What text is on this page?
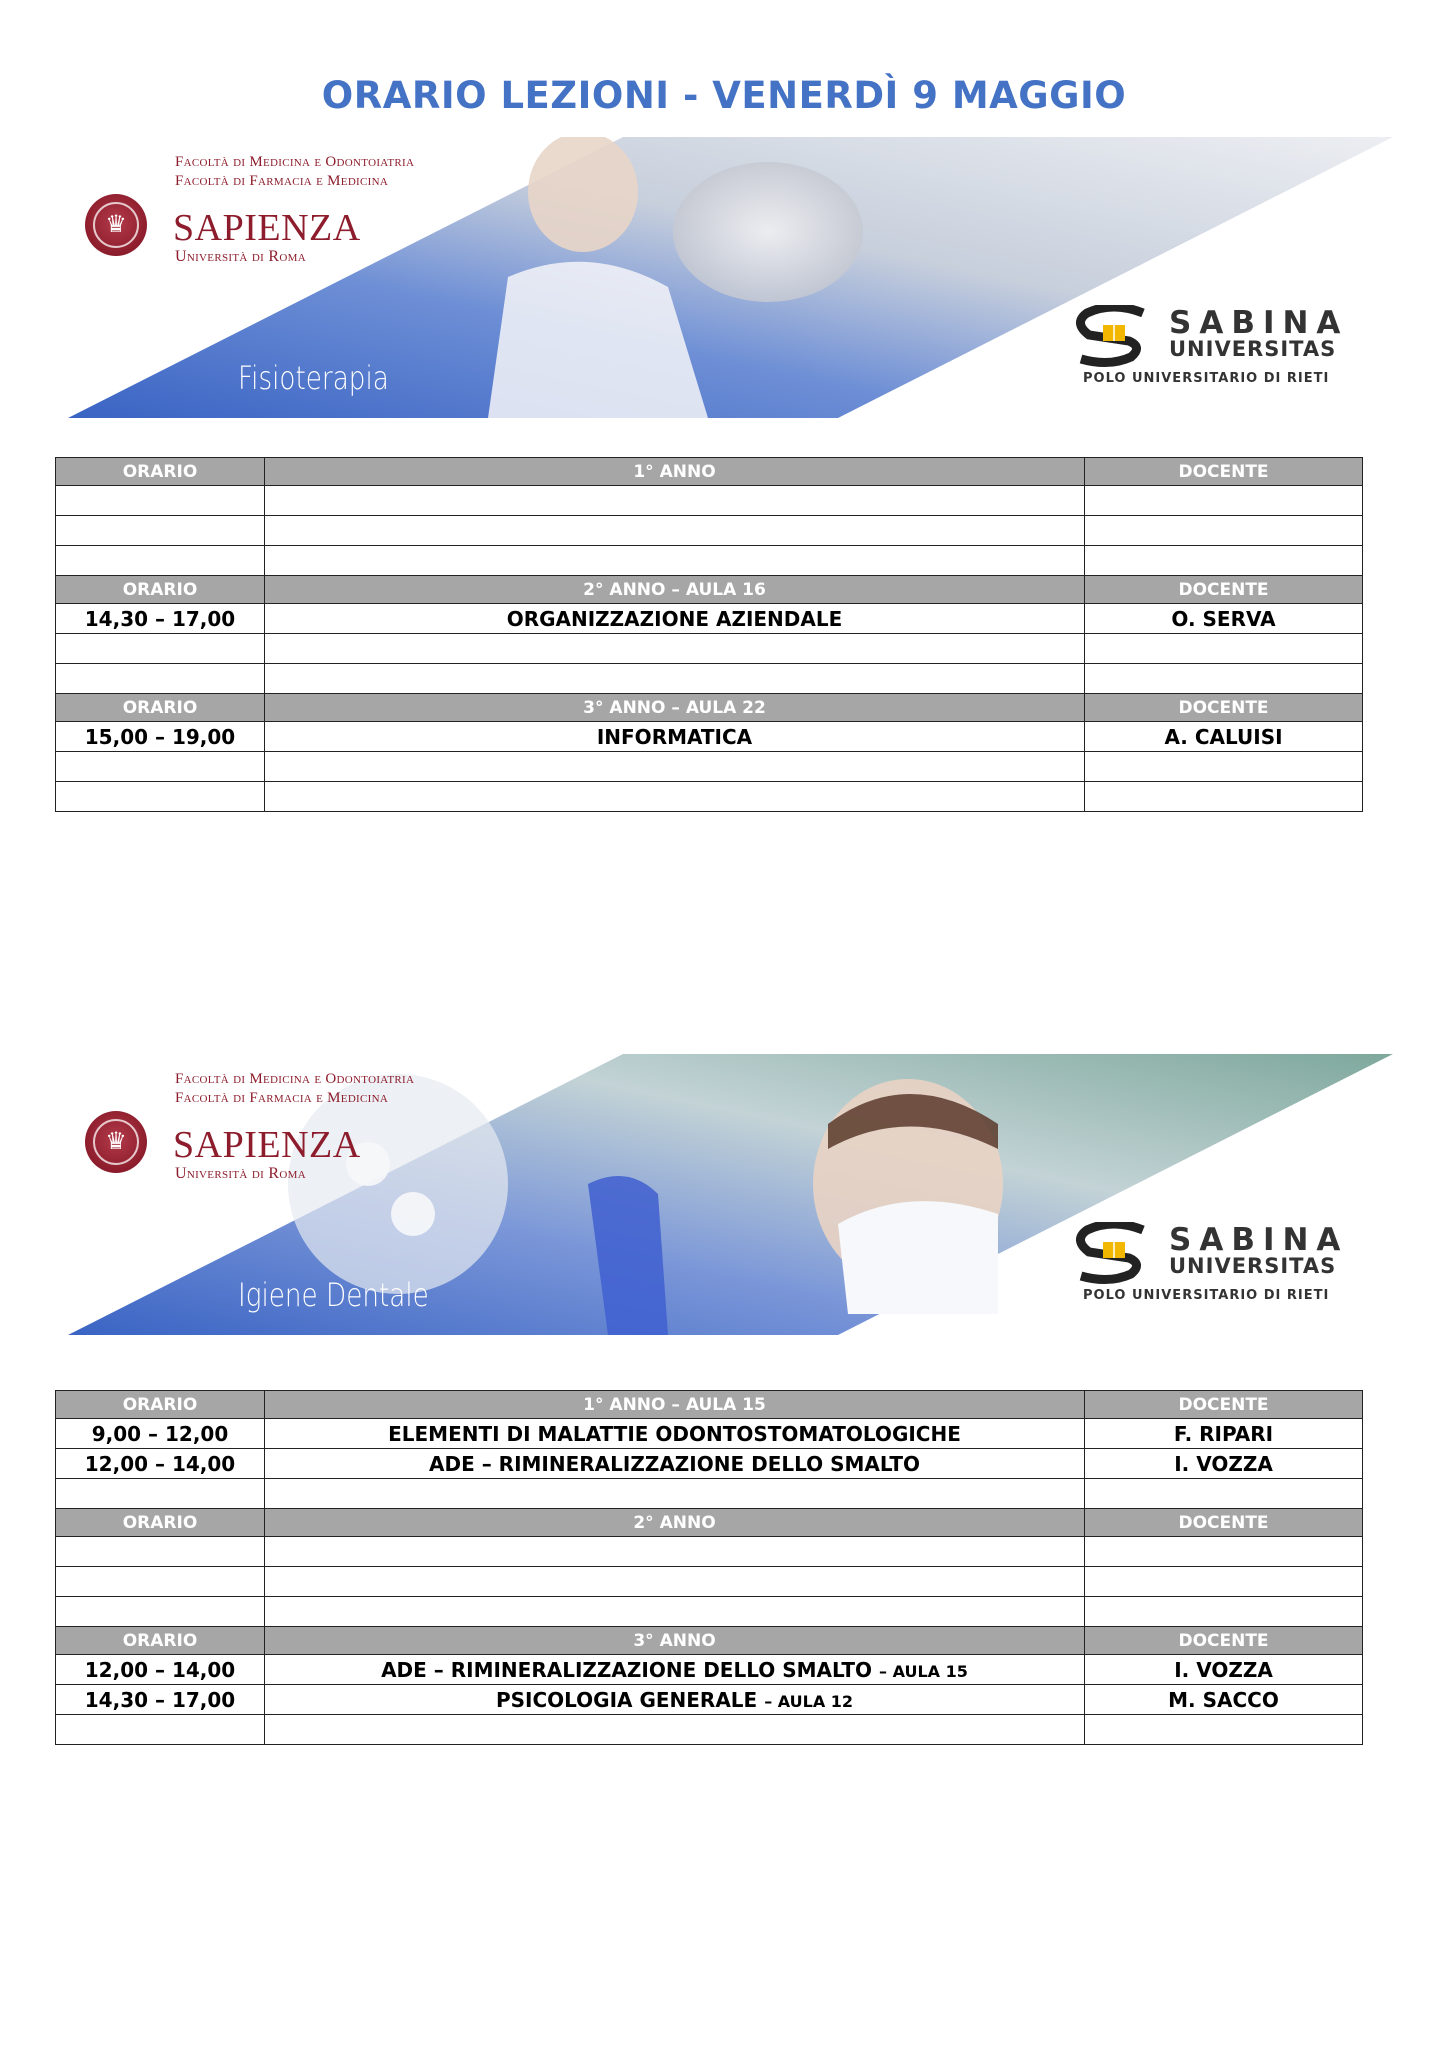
ORARIO LEZIONI - VENERDÌ 9 MAGGIO
♛
Facoltà di Medicina e Odontoiatria
Facoltà di Farmacia e Medicina
SAPIENZA
Università di Roma
Fisioterapia
SABINA
UNIVERSITAS
POLO UNIVERSITARIO DI RIETI
ORARIO	1° ANNO	DOCENTE

ORARIO	2° ANNO – AULA 16	DOCENTE
14,30 – 17,00	ORGANIZZAZIONE AZIENDALE	O. SERVA

ORARIO	3° ANNO – AULA 22	DOCENTE
15,00 – 19,00	INFORMATICA	A. CALUISI

♛
Facoltà di Medicina e Odontoiatria
Facoltà di Farmacia e Medicina
SAPIENZA
Università di Roma
Igiene Dentale
SABINA
UNIVERSITAS
POLO UNIVERSITARIO DI RIETI
ORARIO	1° ANNO – AULA 15	DOCENTE
9,00 – 12,00	ELEMENTI DI MALATTIE ODONTOSTOMATOLOGICHE	F. RIPARI
12,00 – 14,00	ADE – RIMINERALIZZAZIONE DELLO SMALTO	I. VOZZA

ORARIO	2° ANNO	DOCENTE

ORARIO	3° ANNO	DOCENTE
12,00 – 14,00	ADE – RIMINERALIZZAZIONE DELLO SMALTO – AULA 15	I. VOZZA
14,30 – 17,00	PSICOLOGIA GENERALE – AULA 12	M. SACCO
